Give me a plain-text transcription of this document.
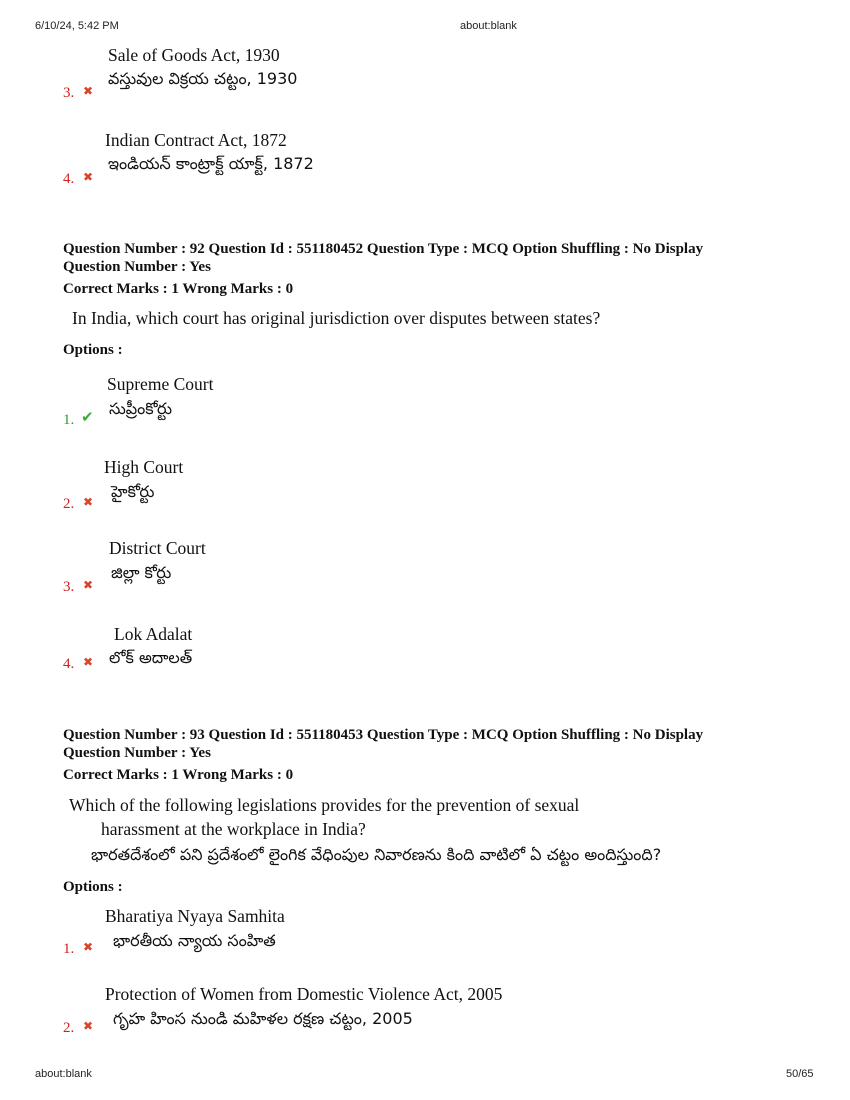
6/10/24, 5:42 PM	about:blank
Sale of Goods Act, 1930
వస్తువుల విక్రయ చట్టం, 1930
3. ✖
Indian Contract Act, 1872
ఇండియన్ కాంట్రాక్ట్ యాక్ట్, 1872
4. ✖
Question Number : 92 Question Id : 551180452 Question Type : MCQ Option Shuffling : No Display
Question Number : Yes
Correct Marks : 1 Wrong Marks : 0
In India, which court has original jurisdiction over disputes between states?
Options :
Supreme Court
సుప్రీంకోర్టు
1. ✔
High Court
హైకోర్టు
2. ✖
District Court
జిల్లా కోర్టు
3. ✖
Lok Adalat
లోక్ అదాలత్
4. ✖
Question Number : 93 Question Id : 551180453 Question Type : MCQ Option Shuffling : No Display
Question Number : Yes
Correct Marks : 1 Wrong Marks : 0
Which of the following legislations provides for the prevention of sexual
harassment at the workplace in India?
భారతదేశంలో పని ప్రదేశంలో లైంగిక వేధింపుల నివారణను కింది వాటిలో ఏ చట్టం అందిస్తుంది?
Options :
Bharatiya Nyaya Samhita
భారతీయ న్యాయ సంహిత
1. ✖
Protection of Women from Domestic Violence Act, 2005
గృహ హింస నుండి మహిళల రక్షణ చట్టం, 2005
2. ✖
about:blank	50/65
